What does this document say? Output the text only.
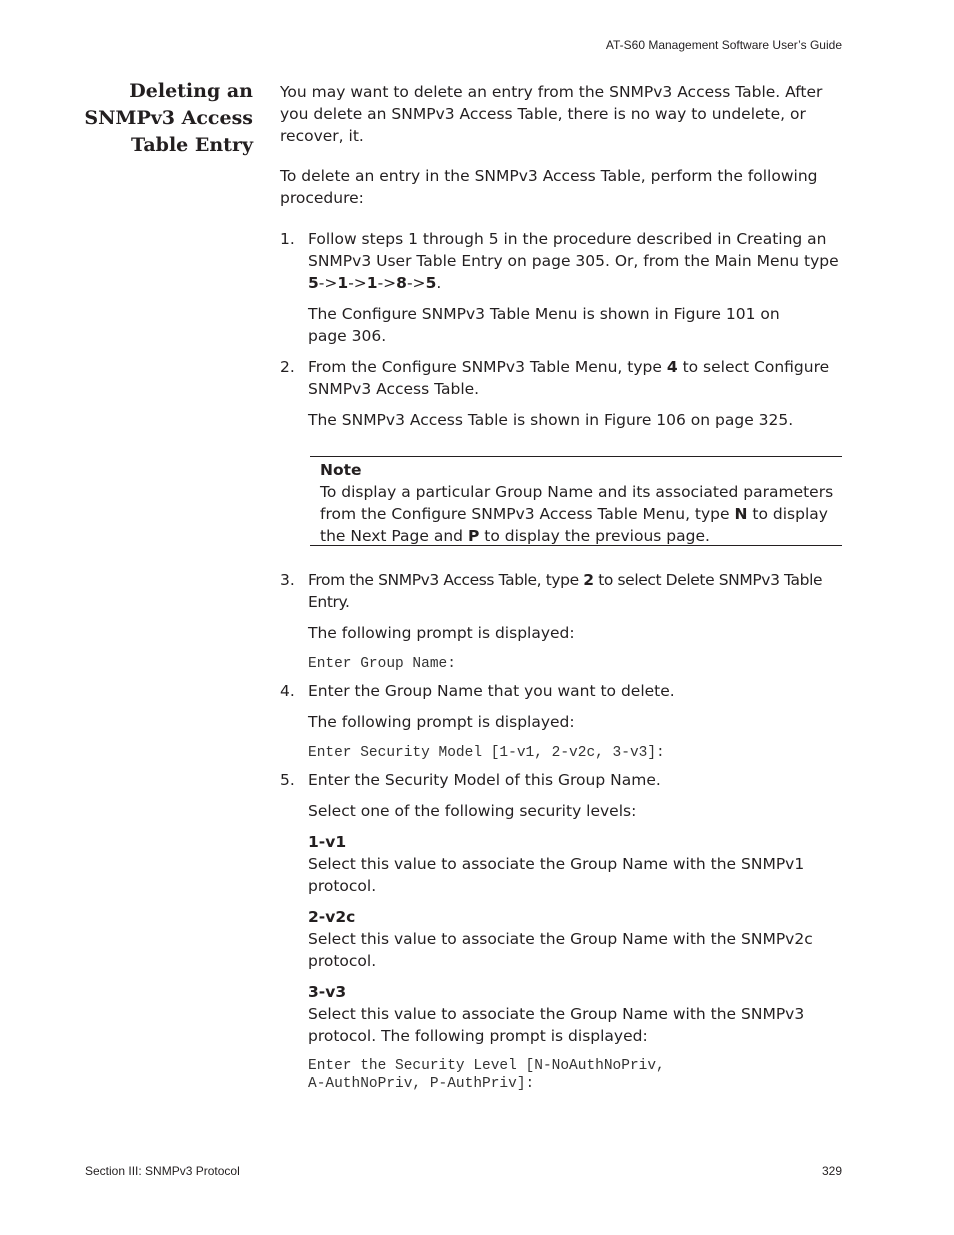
AT-S60 Management Software User’s Guide
Deleting an
SNMPv3 Access
Table Entry
You may want to delete an entry from the SNMPv3 Access Table. After
you delete an SNMPv3 Access Table, there is no way to undelete, or
recover, it.
To delete an entry in the SNMPv3 Access Table, perform the following
procedure:
1. Follow steps 1 through 5 in the procedure described in Creating an
SNMPv3 User Table Entry on page 305. Or, from the Main Menu type
5->1->1->8->5.
The Configure SNMPv3 Table Menu is shown in Figure 101 on
page 306.
2. From the Configure SNMPv3 Table Menu, type 4 to select Configure
SNMPv3 Access Table.
The SNMPv3 Access Table is shown in Figure 106 on page 325.
Note
To display a particular Group Name and its associated parameters
from the Configure SNMPv3 Access Table Menu, type N to display
the Next Page and P to display the previous page.
3. From the SNMPv3 Access Table, type 2 to select Delete SNMPv3 Table
Entry.
The following prompt is displayed:
Enter Group Name:
4. Enter the Group Name that you want to delete.
The following prompt is displayed:
Enter Security Model [1-v1, 2-v2c, 3-v3]:
5. Enter the Security Model of this Group Name.
Select one of the following security levels:
1-v1
Select this value to associate the Group Name with the SNMPv1
protocol.
2-v2c
Select this value to associate the Group Name with the SNMPv2c
protocol.
3-v3
Select this value to associate the Group Name with the SNMPv3
protocol. The following prompt is displayed:
Enter the Security Level [N-NoAuthNoPriv,
A-AuthNoPriv, P-AuthPriv]:
Section III: SNMPv3 Protocol	329
